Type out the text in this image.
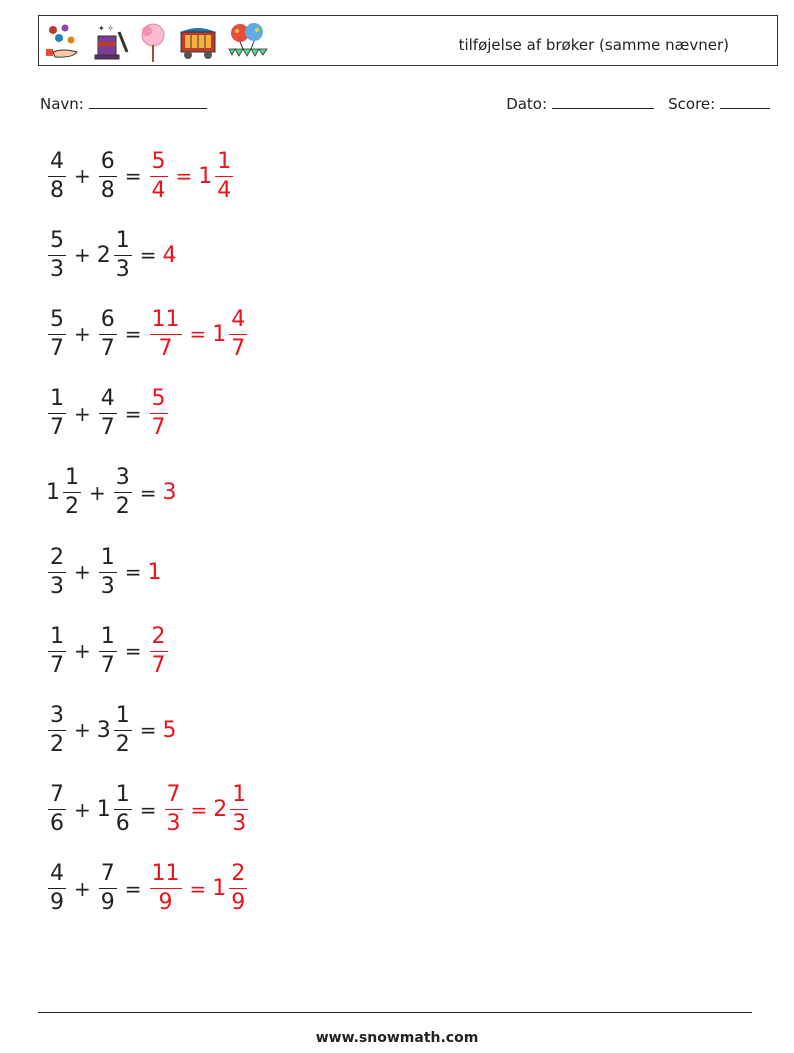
✦ ✧
tilføjelse af brøker (samme nævner)
Navn:	Dato:	Score:
$\frac{4}{8} + \frac{6}{8} = \frac{5}{4} = 1 \frac{1}{4}$
$\frac{5}{3} + 2 \frac{1}{3} = 4$
$\frac{5}{7} + \frac{6}{7} = \frac{11}{7} = 1 \frac{4}{7}$
$\frac{1}{7} + \frac{4}{7} = \frac{5}{7}$
$1 \frac{1}{2} + \frac{3}{2} = 3$
$\frac{2}{3} + \frac{1}{3} = 1$
$\frac{1}{7} + \frac{1}{7} = \frac{2}{7}$
$\frac{3}{2} + 3 \frac{1}{2} = 5$
$\frac{7}{6} + 1 \frac{1}{6} = \frac{7}{3} = 2 \frac{1}{3}$
$\frac{4}{9} + \frac{7}{9} = \frac{11}{9} = 1 \frac{2}{9}$
www.snowmath.com
